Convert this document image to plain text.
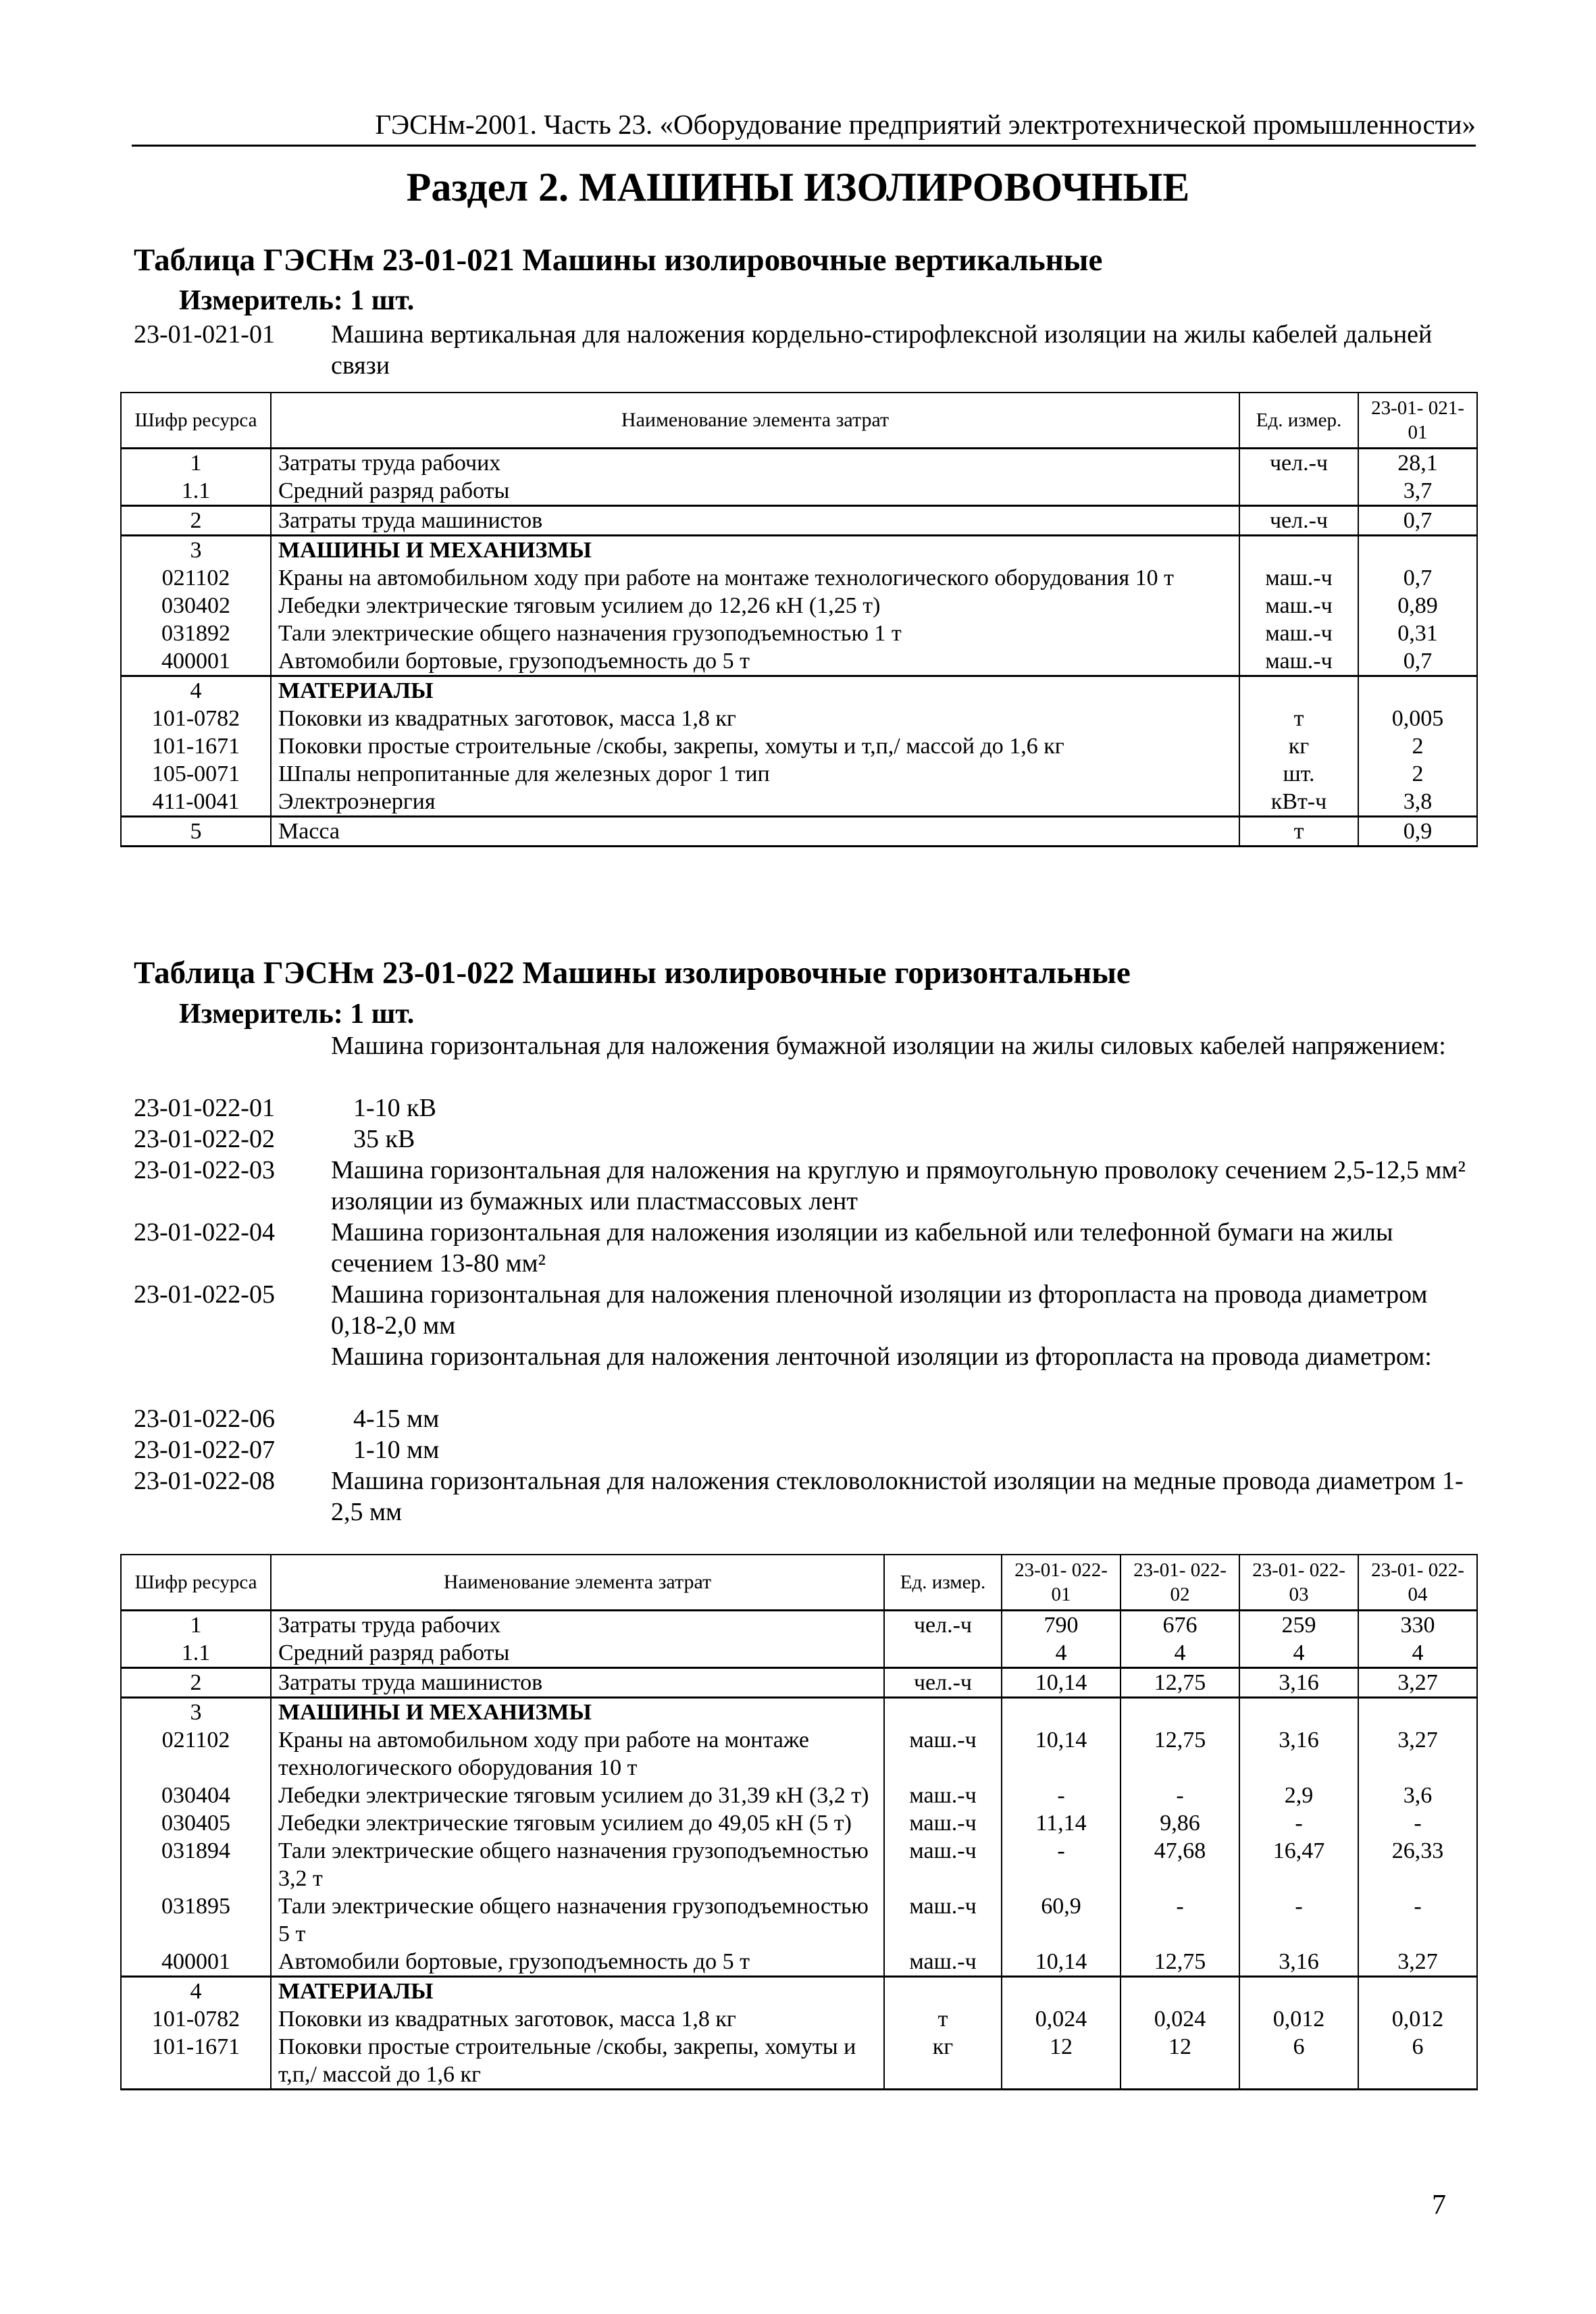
ГЭСНм-2001. Часть 23. «Оборудование предприятий электротехнической промышленности»
Раздел 2. МАШИНЫ ИЗОЛИРОВОЧНЫЕ
Таблица ГЭСНм 23-01-021 Машины изолировочные вертикальные
Измеритель: 1 шт.
23-01-021-01	Машина вертикальная для наложения кордельно-стирофлексной изоляции на жилы кабелей дальней связи
Шифр ресурса	Наименование элемента затрат	Ед. измер.	23-01- 021-01
1	Затраты труда рабочих	чел.-ч	28,1
1.1	Средний разряд работы		3,7
2	Затраты труда машинистов	чел.-ч	0,7
3	МАШИНЫ И МЕХАНИЗМЫ		
021102	Краны на автомобильном ходу при работе на монтаже технологического оборудования 10 т	маш.-ч	0,7
030402	Лебедки электрические тяговым усилием до 12,26 кН (1,25 т)	маш.-ч	0,89
031892	Тали электрические общего назначения грузоподъемностью 1 т	маш.-ч	0,31
400001	Автомобили бортовые, грузоподъемность до 5 т	маш.-ч	0,7
4	МАТЕРИАЛЫ		
101-0782	Поковки из квадратных заготовок, масса 1,8 кг	т	0,005
101-1671	Поковки простые строительные /скобы, закрепы, хомуты и т,п,/ массой до 1,6 кг	кг	2
105-0071	Шпалы непропитанные для железных дорог 1 тип	шт.	2
411-0041	Электроэнергия	кВт-ч	3,8
5	Масса	т	0,9
Таблица ГЭСНм 23-01-022 Машины изолировочные горизонтальные
Измеритель: 1 шт.
Машина горизонтальная для наложения бумажной изоляции на жилы силовых кабелей напряжением:
23-01-022-01	1-10 кВ
23-01-022-02	35 кВ
23-01-022-03	Машина горизонтальная для наложения на круглую и прямоугольную проволоку сечением 2,5-12,5 мм² изоляции из бумажных или пластмассовых лент
23-01-022-04	Машина горизонтальная для наложения изоляции из кабельной или телефонной бумаги на жилы сечением 13-80 мм²
23-01-022-05	Машина горизонтальная для наложения пленочной изоляции из фторопласта на провода диаметром 0,18-2,0 мм
Машина горизонтальная для наложения ленточной изоляции из фторопласта на провода диаметром:
23-01-022-06	4-15 мм
23-01-022-07	1-10 мм
23-01-022-08	Машина горизонтальная для наложения стекловолокнистой изоляции на медные провода диаметром 1-2,5 мм
Шифр ресурса	Наименование элемента затрат	Ед. измер.	23-01- 022-01	23-01- 022-02	23-01- 022-03	23-01- 022-04
1	Затраты труда рабочих	чел.-ч	790	676	259	330
1.1	Средний разряд работы		4	4	4	4
2	Затраты труда машинистов	чел.-ч	10,14	12,75	3,16	3,27
3	МАШИНЫ И МЕХАНИЗМЫ					
021102	Краны на автомобильном ходу при работе на монтаже технологического оборудования 10 т	маш.-ч	10,14	12,75	3,16	3,27
030404	Лебедки электрические тяговым усилием до 31,39 кН (3,2 т)	маш.-ч	-	-	2,9	3,6
030405	Лебедки электрические тяговым усилием до 49,05 кН (5 т)	маш.-ч	11,14	9,86	-	-
031894	Тали электрические общего назначения грузоподъемностью 3,2 т	маш.-ч	-	47,68	16,47	26,33
031895	Тали электрические общего назначения грузоподъемностью 5 т	маш.-ч	60,9	-	-	-
400001	Автомобили бортовые, грузоподъемность до 5 т	маш.-ч	10,14	12,75	3,16	3,27
4	МАТЕРИАЛЫ					
101-0782	Поковки из квадратных заготовок, масса 1,8 кг	т	0,024	0,024	0,012	0,012
101-1671	Поковки простые строительные /скобы, закрепы, хомуты и т,п,/ массой до 1,6 кг	кг	12	12	6	6
7
